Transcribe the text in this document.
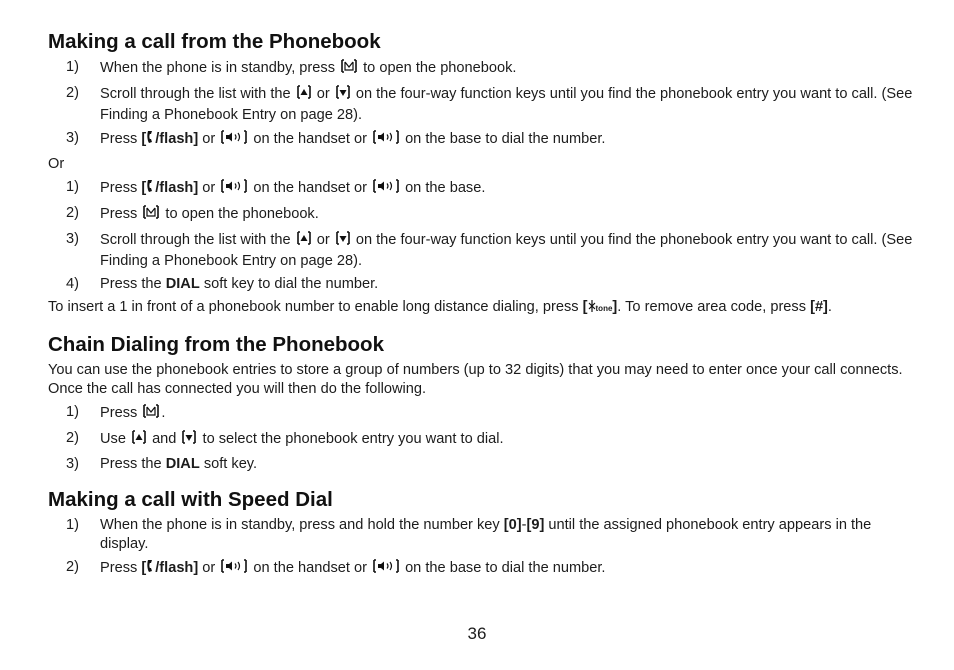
Making a call from the Phonebook
1) When the phone is in standby, press  to open the phonebook.
2) Scroll through the list with the  or  on the four-way function keys until you find the phonebook entry you want to call. (See Finding a Phonebook Entry on page 28).
3) Press [ /flash] or  on the handset or  on the base to dial the number.

Or

1) Press [ /flash] or  on the handset or  on the base.
2) Press  to open the phonebook.
3) Scroll through the list with the  or  on the four-way function keys until you find the phonebook entry you want to call. (See Finding a Phonebook Entry on page 28).
4) Press the DIAL soft key to dial the number.

To insert a 1 in front of a phonebook number to enable long distance dialing, press [ tone]. To remove area code, press [#].

Chain Dialing from the Phonebook

You can use the phonebook entries to store a group of numbers (up to 32 digits) that you may need to enter once your call connects. Once the call has connected you will then do the following.

1) Press .
2) Use  and  to select the phonebook entry you want to dial.
3) Press the DIAL soft key.
Making a call with Speed Dial
1) When the phone is in standby, press and hold the number key [0]-[9] until the assigned phonebook entry appears in the display.
2) Press [ /flash] or  on the handset or  on the base to dial the number.
36
